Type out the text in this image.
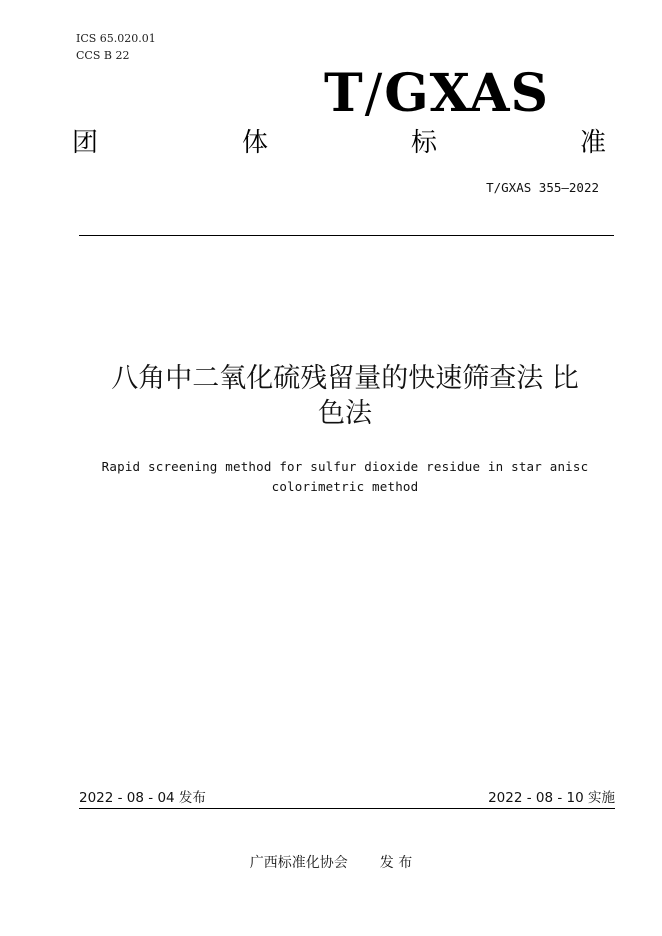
ICS 65.020.01
CCS B 22
T/GXAS
团	体	标	准
T/GXAS 355—2022
八角中二氧化硫残留量的快速筛查法 比
色法
Rapid screening method for sulfur dioxide residue in star anisc
colorimetric method
2022 - 08 - 04 发布	2022 - 08 - 10 实施
广西标准化协会 发 布
